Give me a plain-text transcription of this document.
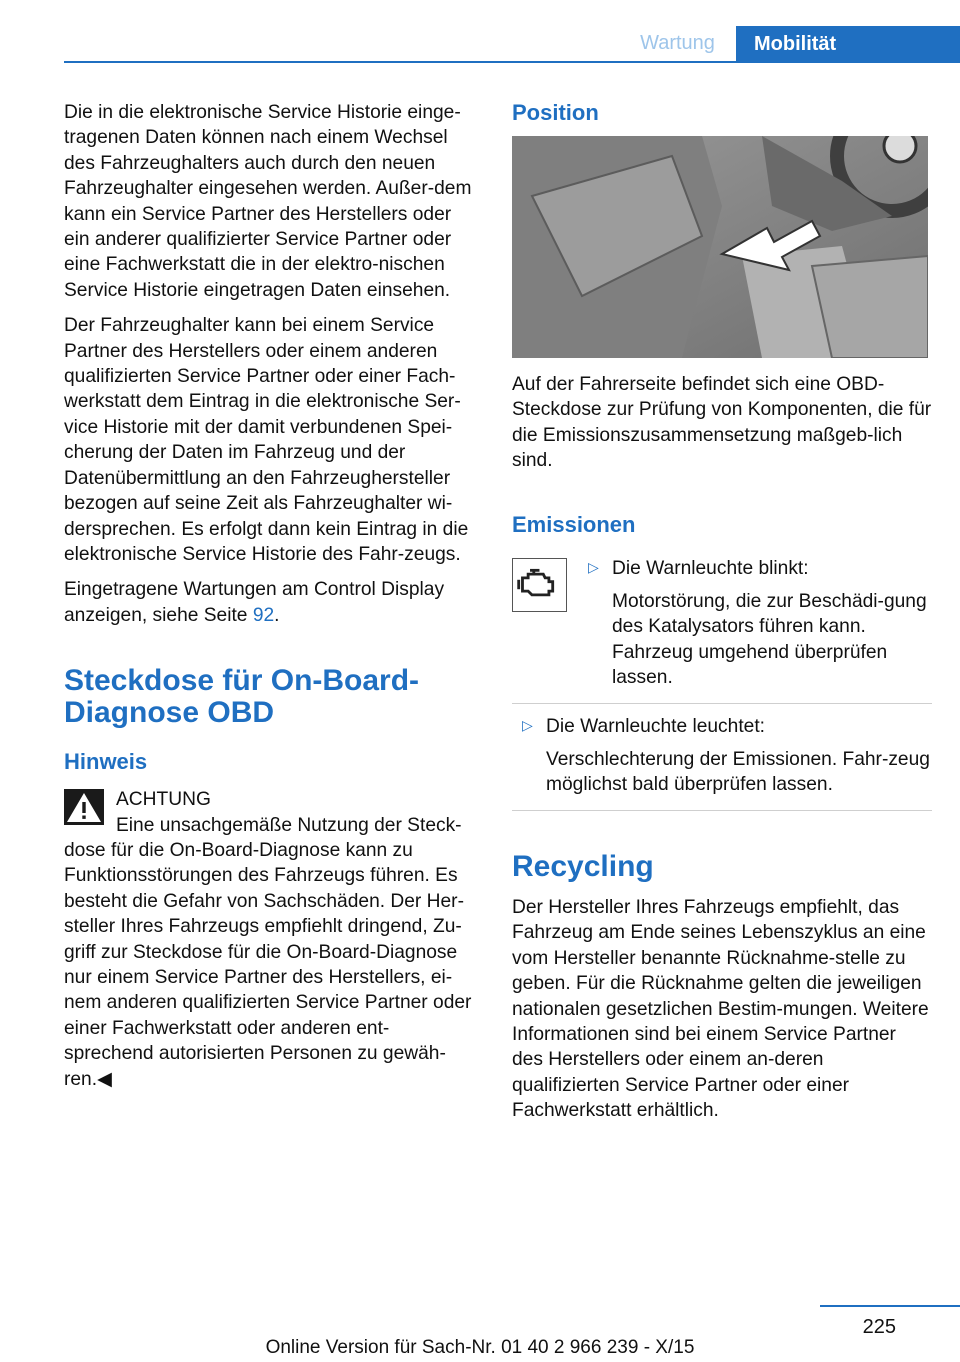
Wartung	Mobilität

Die in die elektronische Service Historie einge‐tragenen Daten können nach einem Wechsel des Fahrzeughalters auch durch den neuen Fahrzeughalter eingesehen werden. Außer‐dem kann ein Service Partner des Herstellers oder ein anderer qualifizierter Service Partner oder eine Fachwerkstatt die in der elektro‐nischen Service Historie eingetragen Daten einsehen.

Der Fahrzeughalter kann bei einem Service Partner des Herstellers oder einem anderen qualifizierten Service Partner oder einer Fach‐werkstatt dem Eintrag in die elektronische Ser‐vice Historie mit der damit verbundenen Spei‐cherung der Daten im Fahrzeug und der Datenübermittlung an den Fahrzeughersteller bezogen auf seine Zeit als Fahrzeughalter wi‐dersprechen. Es erfolgt dann kein Eintrag in die elektronische Service Historie des Fahr‐zeugs.

Eingetragene Wartungen am Control Display anzeigen, siehe Seite 92.

Steckdose für On-Board-Diagnose OBD
Hinweis

ACHTUNG

Eine unsachgemäße Nutzung der Steck‐dose für die On-Board-Diagnose kann zu Funktionsstörungen des Fahrzeugs führen. Es besteht die Gefahr von Sachschäden. Der Her‐steller Ihres Fahrzeugs empfiehlt dringend, Zu‐griff zur Steckdose für die On-Board-Diagnose nur einem Service Partner des Herstellers, ei‐nem anderen qualifizierten Service Partner oder einer Fachwerkstatt oder anderen ent‐sprechend autorisierten Personen zu gewäh‐ren.◀

Position

Auf der Fahrerseite befindet sich eine OBD-Steckdose zur Prüfung von Komponenten, die für die Emissionszusammensetzung maßgeb‐lich sind.

Emissionen
▷ Die Warnleuchte blinkt:

Motorstörung, die zur Beschädi‐gung des Katalysators führen kann. Fahrzeug umgehend überprüfen lassen.

▷ Die Warnleuchte leuchtet:

Verschlechterung der Emissionen. Fahr‐zeug möglichst bald überprüfen lassen.

Recycling

Der Hersteller Ihres Fahrzeugs empfiehlt, das Fahrzeug am Ende seines Lebenszyklus an eine vom Hersteller benannte Rücknahme‐stelle zu geben. Für die Rücknahme gelten die jeweiligen nationalen gesetzlichen Bestim‐mungen. Weitere Informationen sind bei einem Service Partner des Herstellers oder einem an‐deren qualifizierten Service Partner oder einer Fachwerkstatt erhältlich.

225
Online Version für Sach-Nr. 01 40 2 966 239 - X/15
